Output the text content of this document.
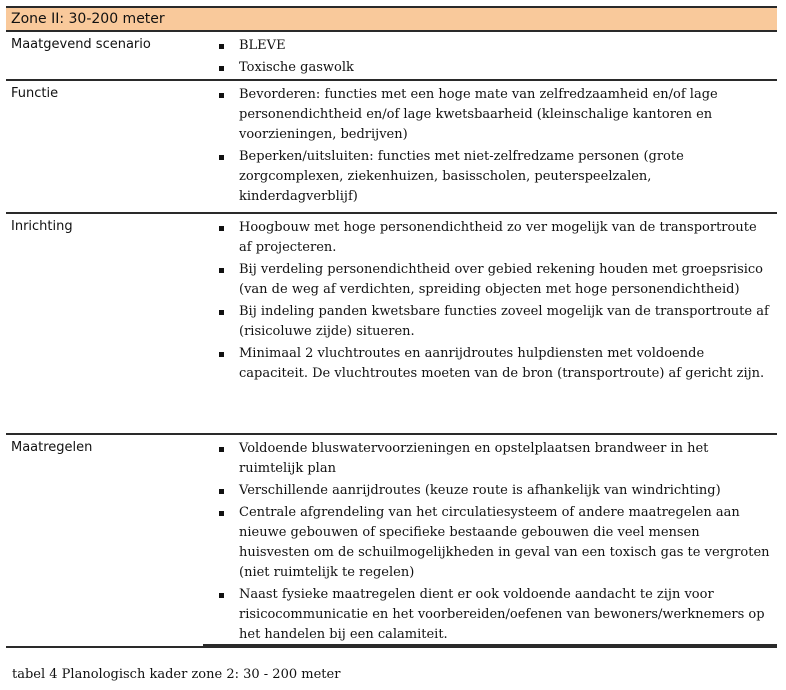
Zone II: 30-200 meter
Maatgevend scenario	BLEVE
Toxische gaswolk
Functie	Bevorderen: functies met een hoge mate van zelfredzaamheid en/of lage personendichtheid en/of lage kwetsbaarheid (kleinschalige kantoren en voorzieningen, bedrijven)
Beperken/uitsluiten: functies met niet-zelfredzame personen (grote zorgcomplexen, ziekenhuizen, basisscholen, peuterspeelzalen, kinderdagverblijf)
Inrichting	Hoogbouw met hoge personendichtheid zo ver mogelijk van de transportroute af projecteren.
Bij verdeling personendichtheid over gebied rekening houden met groepsrisico (van de weg af verdichten, spreiding objecten met hoge personendichtheid)
Bij indeling panden kwetsbare functies zoveel mogelijk van de transportroute af (risicoluwe zijde) situeren.
Minimaal 2 vluchtroutes en aanrijdroutes hulpdiensten met voldoende capaciteit. De vluchtroutes moeten van de bron (transportroute) af gericht zijn.
Maatregelen	Voldoende bluswatervoorzieningen en opstelplaatsen brandweer in het ruimtelijk plan
Verschillende aanrijdroutes (keuze route is afhankelijk van windrichting)
Centrale afgrendeling van het circulatiesysteem of andere maatregelen aan nieuwe gebouwen of specifieke bestaande gebouwen die veel mensen huisvesten om de schuilmogelijkheden in geval van een toxisch gas te vergroten (niet ruimtelijk te regelen)
Naast fysieke maatregelen dient er ook voldoende aandacht te zijn voor risicocommunicatie en het voorbereiden/oefenen van bewoners/werknemers op het handelen bij een calamiteit.
tabel 4 Planologisch kader zone 2: 30 - 200 meter
